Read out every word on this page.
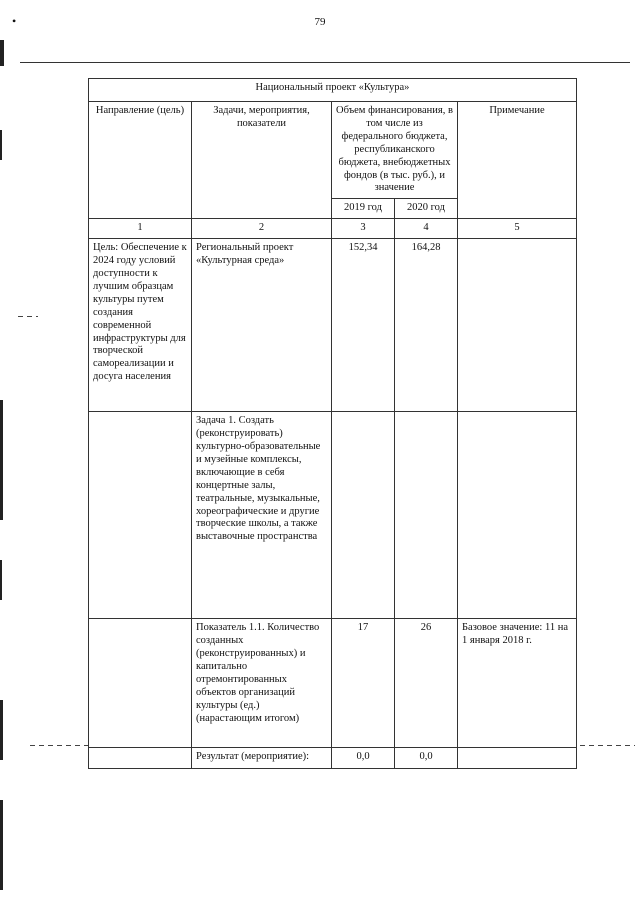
•	79
Национальный проект «Культура»				
Направление (цель)	Задачи, мероприятия, показатели	Объем финансирования, в том числе из федерального бюджета, республиканского бюджета, внебюджетных фондов (в тыс. руб.), и значение		Примечание
		2019 год	2020 год	
1	2	3	4	5
Цель: Обеспечение к 2024 году условий доступности к лучшим образцам культуры путем создания современной инфраструктуры для творческой самореализации и досуга населения	Региональный проект «Культурная среда»	152,34	164,28	
	Задача 1. Создать (реконструировать) культурно-образовательные и музейные комплексы, включающие в себя концертные залы, театральные, музыкальные, хореографические и другие творческие школы, а также выставочные пространства			
	Показатель 1.1. Количество созданных (реконструированных) и капитально отремонтированных объектов организаций культуры (ед.) (нарастающим итогом)	17	26	Базовое значение: 11 на 1 января 2018 г.
	Результат (мероприятие):	0,0	0,0	
